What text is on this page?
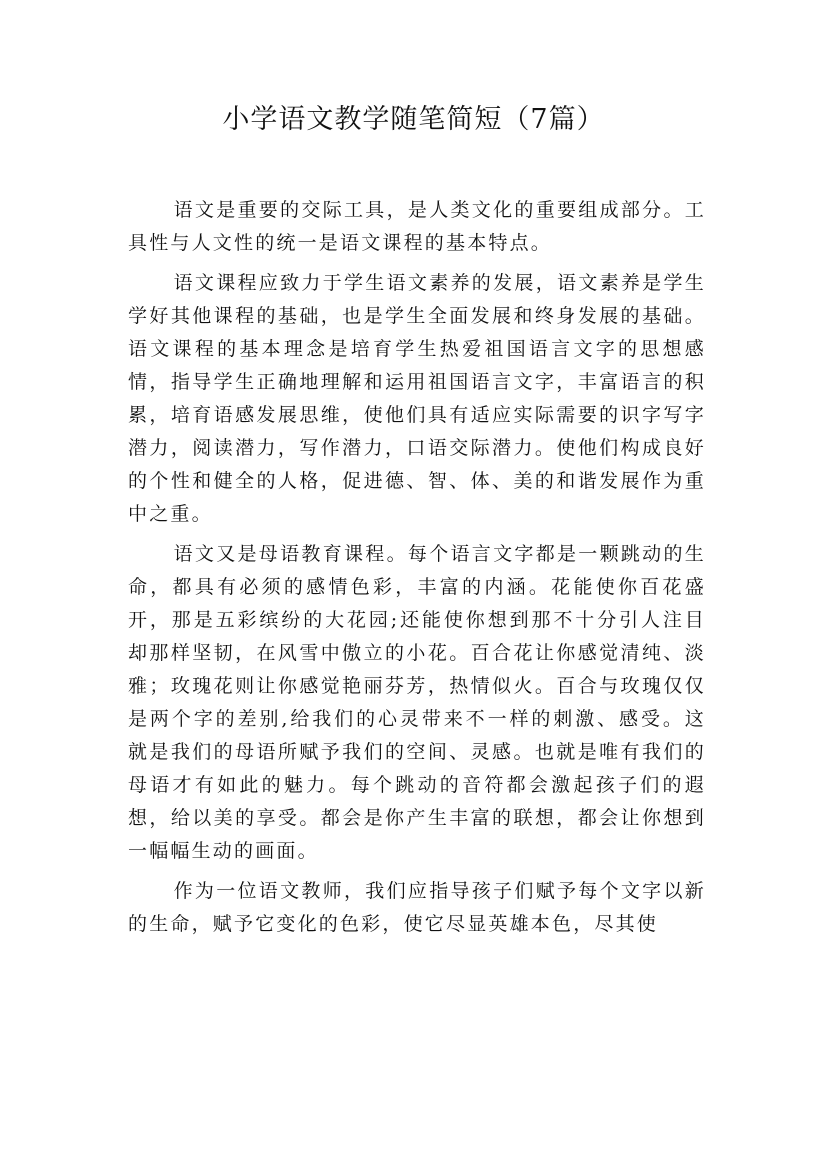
小学语文教学随笔简短（7篇）

语文是重要的交际工具，是人类文化的重要组成部分。工具性与人文性的统一是语文课程的基本特点。

语文课程应致力于学生语文素养的发展，语文素养是学生学好其他课程的基础，也是学生全面发展和终身发展的基础。语文课程的基本理念是培育学生热爱祖国语言文字的思想感情，指导学生正确地理解和运用祖国语言文字，丰富语言的积累，培育语感发展思维，使他们具有适应实际需要的识字写字潜力，阅读潜力，写作潜力，口语交际潜力。使他们构成良好的个性和健全的人格，促进德、智、体、美的和谐发展作为重中之重。

语文又是母语教育课程。每个语言文字都是一颗跳动的生命，都具有必须的感情色彩，丰富的内涵。花能使你百花盛开，那是五彩缤纷的大花园;还能使你想到那不十分引人注目却那样坚韧，在风雪中傲立的小花。百合花让你感觉清纯、淡雅；玫瑰花则让你感觉艳丽芬芳，热情似火。百合与玫瑰仅仅是两个字的差别,给我们的心灵带来不一样的刺激、感受。这就是我们的母语所赋予我们的空间、灵感。也就是唯有我们的母语才有如此的魅力。每个跳动的音符都会激起孩子们的遐想，给以美的享受。都会是你产生丰富的联想，都会让你想到一幅幅生动的画面。

作为一位语文教师，我们应指导孩子们赋予每个文字以新的生命，赋予它变化的色彩，使它尽显英雄本色，尽其使
